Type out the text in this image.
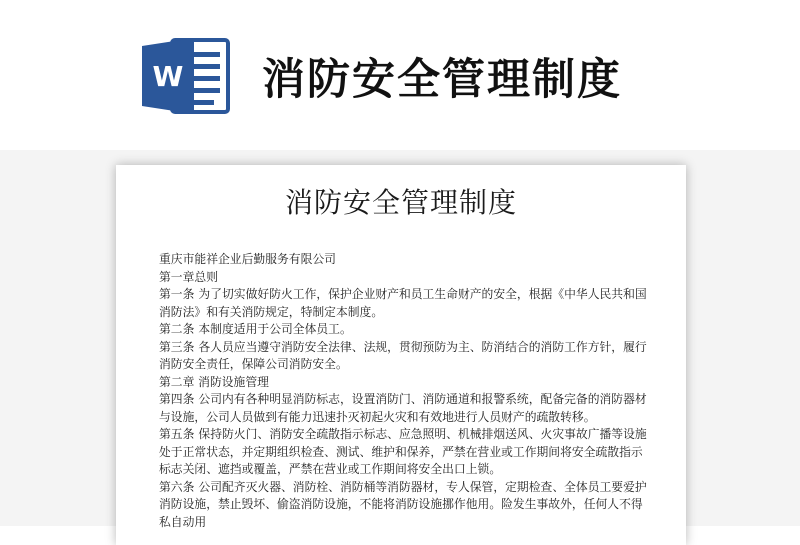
W 消防安全管理制度
消防安全管理制度

重庆市能祥企业后勤服务有限公司

第一章总则

第一条 为了切实做好防火工作，保护企业财产和员工生命财产的安全，根据《中华人民共和国消防法》和有关消防规定，特制定本制度。

第二条 本制度适用于公司全体员工。

第三条 各人员应当遵守消防安全法律、法规，贯彻预防为主、防消结合的消防工作方针，履行消防安全责任，保障公司消防安全。

第二章 消防设施管理

第四条 公司内有各种明显消防标志，设置消防门、消防通道和报警系统，配备完备的消防器材与设施，公司人员做到有能力迅速扑灭初起火灾和有效地进行人员财产的疏散转移。

第五条 保持防火门、消防安全疏散指示标志、应急照明、机械排烟送风、火灾事故广播等设施处于正常状态，并定期组织检查、测试、维护和保养，严禁在营业或工作期间将安全疏散指示标志关闭、遮挡或覆盖，严禁在营业或工作期间将安全出口上锁。

第六条 公司配齐灭火器、消防栓、消防桶等消防器材，专人保管，定期检查、全体员工要爱护消防设施，禁止毁坏、偷盗消防设施，不能将消防设施挪作他用。险发生事故外，任何人不得私自动用
